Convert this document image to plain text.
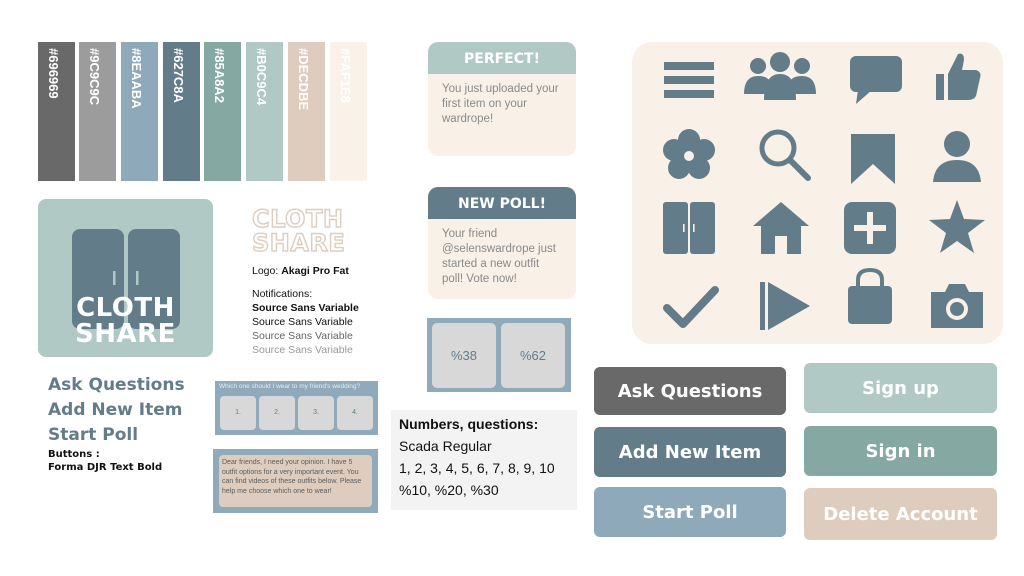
#696969 #9C9C9C #8EAABA #627C8A #85A8A2 #B0C9C4 #DECDBE #FAF1E8
CLOTH
SHARE
CLOTH
SHARE
Logo: Akagi Pro Fat
Notifications:
Source Sans Variable
Source Sans Variable
Source Sans Variable
Source Sans Variable
Ask Questions
Add New Item
Start Poll
Buttons :
Forma DJR Text Bold
Which one should I wear to my friend's wedding?
1.	2.	3.	4.
Dear friends, I need your opinion. I have 5 outfit options for a very important event. You can find videos of these outfits below. Please help me choose which one to wear!
PERFECT!
You just uploaded your first item on your wardrope!
NEW POLL!
Your friend @selenswardrope just started a new outfit poll! Vote now!
%38	%62
Numbers, questions:
Scada Regular
1, 2, 3, 4, 5, 6, 7, 8, 9, 10
%10, %20, %30
Ask Questions
Add New Item
Start Poll
Sign up
Sign in
Delete Account
